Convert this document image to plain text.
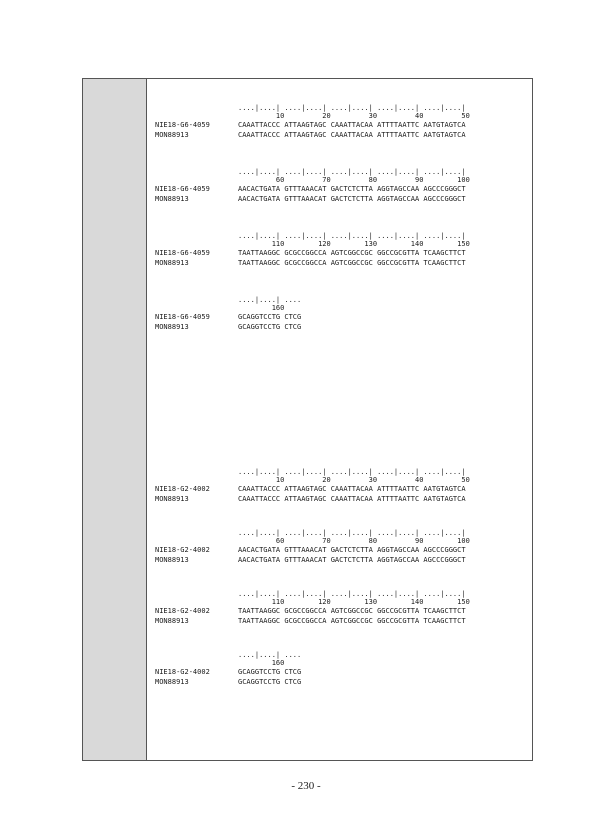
....|....| ....|....| ....|....| ....|....| ....|....|
10         20         30         40         50
NIE18-G6-4059	CAAATTACCC ATTAAGTAGC CAAATTACAA ATTTTAATTC AATGTAGTCA
MON88913	CAAATTACCC ATTAAGTAGC CAAATTACAA ATTTTAATTC AATGTAGTCA
....|....| ....|....| ....|....| ....|....| ....|....|
60         70         80         90        100
NIE18-G6-4059	AACACTGATA GTTTAAACAT GACTCTCTTA AGGTAGCCAA AGCCCGGGCT
MON88913	AACACTGATA GTTTAAACAT GACTCTCTTA AGGTAGCCAA AGCCCGGGCT
....|....| ....|....| ....|....| ....|....| ....|....|
110        120        130        140        150
NIE18-G6-4059	TAATTAAGGC GCGCCGGCCA AGTCGGCCGC GGCCGCGTTA TCAAGCTTCT
MON88913	TAATTAAGGC GCGCCGGCCA AGTCGGCCGC GGCCGCGTTA TCAAGCTTCT
....|....| ....
160
NIE18-G6-4059	GCAGGTCCTG CTCG
MON88913	GCAGGTCCTG CTCG
....|....| ....|....| ....|....| ....|....| ....|....|
10         20         30         40         50
NIE18-G2-4002	CAAATTACCC ATTAAGTAGC CAAATTACAA ATTTTAATTC AATGTAGTCA
MON88913	CAAATTACCC ATTAAGTAGC CAAATTACAA ATTTTAATTC AATGTAGTCA
....|....| ....|....| ....|....| ....|....| ....|....|
60         70         80         90        100
NIE18-G2-4002	AACACTGATA GTTTAAACAT GACTCTCTTA AGGTAGCCAA AGCCCGGGCT
MON88913	AACACTGATA GTTTAAACAT GACTCTCTTA AGGTAGCCAA AGCCCGGGCT
....|....| ....|....| ....|....| ....|....| ....|....|
110        120        130        140        150
NIE18-G2-4002	TAATTAAGGC GCGCCGGCCA AGTCGGCCGC GGCCGCGTTA TCAAGCTTCT
MON88913	TAATTAAGGC GCGCCGGCCA AGTCGGCCGC GGCCGCGTTA TCAAGCTTCT
....|....| ....
160
NIE18-G2-4002	GCAGGTCCTG CTCG
MON88913	GCAGGTCCTG CTCG
- 230 -
